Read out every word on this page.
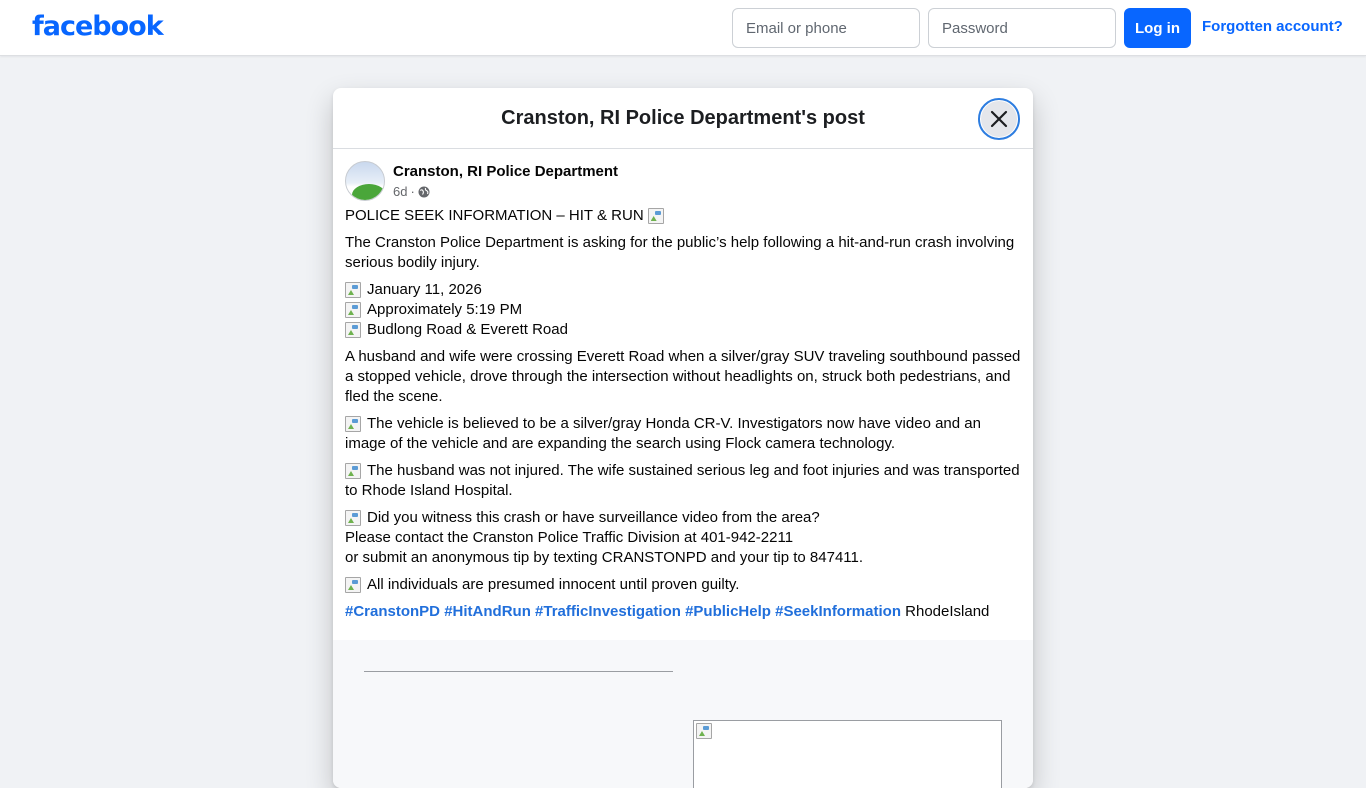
facebook
Email or phone	Log in	Forgotten account?
Cranston, RI Police Department's post
Cranston, RI Police Department
6d ·

POLICE SEEK INFORMATION – HIT & RUN

The Cranston Police Department is asking for the public’s help following a hit-and-run crash involving serious bodily injury.

January 11, 2026
Approximately 5:19 PM
Budlong Road & Everett Road

A husband and wife were crossing Everett Road when a silver/gray SUV traveling southbound passed a stopped vehicle, drove through the intersection without headlights on, struck both pedestrians, and fled the scene.

The vehicle is believed to be a silver/gray Honda CR-V. Investigators now have video and an image of the vehicle and are expanding the search using Flock camera technology.

The husband was not injured. The wife sustained serious leg and foot injuries and was transported to Rhode Island Hospital.

Did you witness this crash or have surveillance video from the area?
Please contact the Cranston Police Traffic Division at 401-942-2211
or submit an anonymous tip by texting CRANSTONPD and your tip to 847411.

All individuals are presumed innocent until proven guilty.

#CranstonPD #HitAndRun #TrafficInvestigation #PublicHelp #SeekInformation RhodeIsland
